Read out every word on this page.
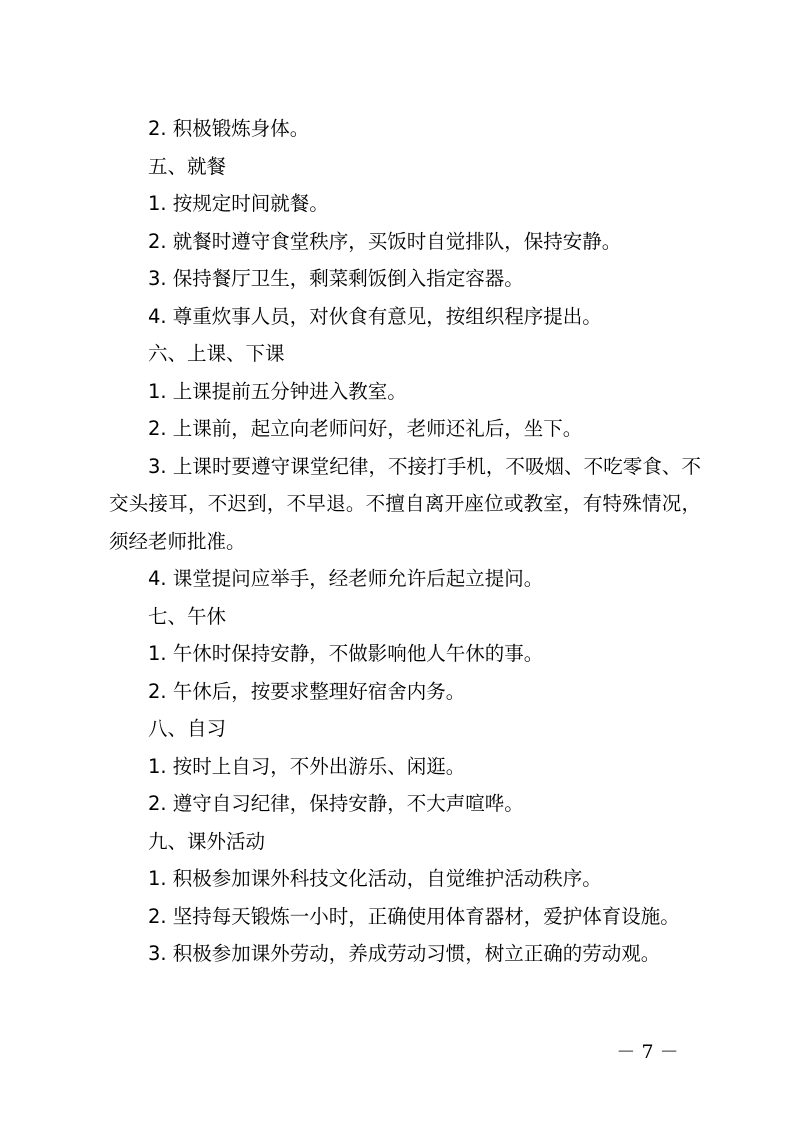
2. 积极锻炼身体。

五、就餐

1. 按规定时间就餐。

2. 就餐时遵守食堂秩序，买饭时自觉排队，保持安静。

3. 保持餐厅卫生，剩菜剩饭倒入指定容器。

4. 尊重炊事人员，对伙食有意见，按组织程序提出。

六、上课、下课

1. 上课提前五分钟进入教室。

2. 上课前，起立向老师问好，老师还礼后，坐下。

3. 上课时要遵守课堂纪律，不接打手机，不吸烟、不吃零食、不交头接耳，不迟到，不早退。不擅自离开座位或教室，有特殊情况，须经老师批准。

4. 课堂提问应举手，经老师允许后起立提问。

七、午休

1. 午休时保持安静，不做影响他人午休的事。

2. 午休后，按要求整理好宿舍内务。

八、自习

1. 按时上自习，不外出游乐、闲逛。

2. 遵守自习纪律，保持安静，不大声喧哗。

九、课外活动

1. 积极参加课外科技文化活动，自觉维护活动秩序。

2. 坚持每天锻炼一小时，正确使用体育器材，爱护体育设施。

3. 积极参加课外劳动，养成劳动习惯，树立正确的劳动观。

－ 7 －
